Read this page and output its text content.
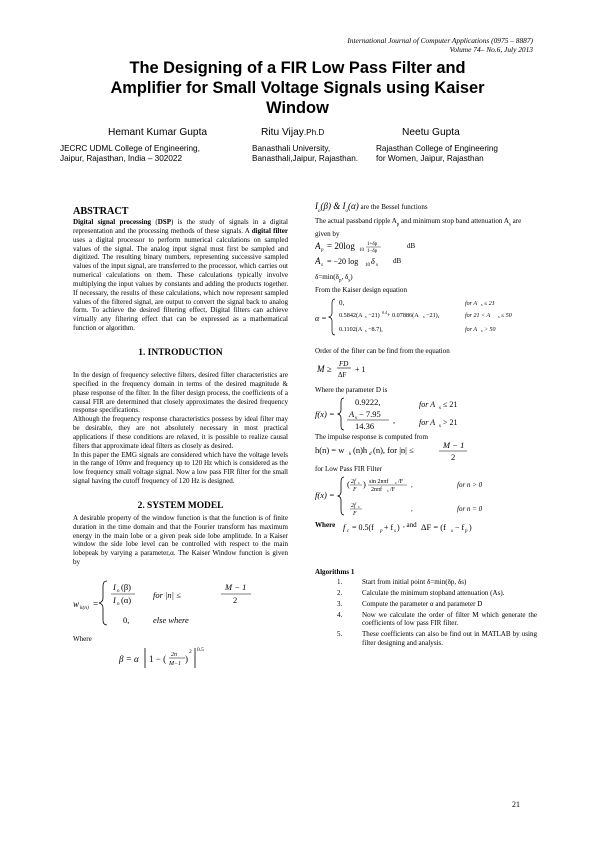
International Journal of Computer Applications (0975 – 8887)
Volume 74– No.6, July 2013
The Designing of a FIR Low Pass Filter and
Amplifier for Small Voltage Signals using Kaiser
Window
Hemant Kumar Gupta
JECRC UDML College of Engineering,
Jaipur, Rajasthan, India – 302022
Ritu Vijay.Ph.D
Banasthali University,
Banasthali,Jaipur, Rajasthan.
Neetu Gupta
Rajasthan College of Engineering
for Women, Jaipur, Rajasthan
ABSTRACT
Digital signal processing (DSP) is the study of signals in a digital representation and the processing methods of these signals. A digital filter uses a digital processor to perform numerical calculations on sampled values of the signal. The analog input signal must first be sampled and digitized. The resulting binary numbers, representing successive sampled values of the input signal, are transferred to the processor, which carries out numerical calculations on them. These calculations typically involve multiplying the input values by constants and adding the products together. If necessary, the results of these calculations, which now represent sampled values of the filtered signal, are output to convert the signal back to analog form. To achieve the desired filtering effect, Digital filters can achieve virtually any filtering effect that can be expressed as a mathematical function or algorithm.
1. INTRODUCTION
In the design of frequency selective filters, desired filter characteristics are specified in the frequency domain in terms of the desired magnitude & phase response of the filter. In the filter design process, the coefficients of a causal FIR are determined that closely approximates the desired frequency response specifications.
Although the frequency response characteristics possess by ideal filter may be desirable, they are not absolutely necessary in most practical applications if these conditions are relaxed, it is possible to realize causal filters that approximate ideal filters as closely as desired.
In this paper the EMG signals are considered which have the voltage levels in the range of 10mv and frequency up to 120 Hz which is considered as the low frequency small voltage signal. Now a low pass FIR filter for the small signal having the cutoff frequency of 120 Hz is designed.
2. SYSTEM MODEL
A desirable property of the window function is that the function is of finite duration in the time domain and that the Fourier transform has maximum energy in the main lobe or a given peak side lobe amplitude. In a Kaiser window the side lobe level can be controlled with respect to the main lobepeak by varying a parameter,α. The Kaiser Window function is given by
w k(n) =
I o (β)
I o (α)	for |n| ≤
M − 1
2
0,	else where
Where
β = α 1 − ( 2n
M−1 )
2 0.5
$I_o(\beta)$ & $I_o(\alpha)$ are the Bessel functions
The actual passband ripple $A_p$ and minimum stop band attenuation $A_s$ are given by
A p = 20log 10
1+δp
1−δp
A s = −20 log 10 δ s
dB
dB
$\delta=\min(\delta_p$, $\delta_s$)
From the Kaiser design equation
α =
0,
0.5842(A s −21) 0.4 + 0.07886(A s −21),
0.1102(A s −8.7),
for A s ≤ 21
for 21 < A s ≤ 50
for A s > 50
Order of the filter can be find from the equation
M ≥ FD
ΔF
+ 1
Where the parameter D is
f(x) =
0.9222,
A s − 7.95
14.36
,
for A s ≤ 21
for A s > 21
The impulse response is computed from
h(n) = w k (n)h d (n), for |n| ≤	M − 1
2
for Low Pass FIR Filter
f(x) =
( 2f c
F
) sin 2nπf c /F
2nπf c /F
,
2f c
F
,
for n > 0
for n = 0
Where f c = 0.5(f p + f s ) , and ΔF = (f s − f p )
Algorithms 1
1.	Start from initial point δ=min(δp, δs)
2.	Calculate the minimum stopband attenuation (As).
3.	Compute the parameter α and parameter D
4.	Now we calculate the order of filter M which generate the coefficients of low pass FIR filter.
5.	These coefficients can also be find out in MATLAB by using filter designing and analysis.
21
